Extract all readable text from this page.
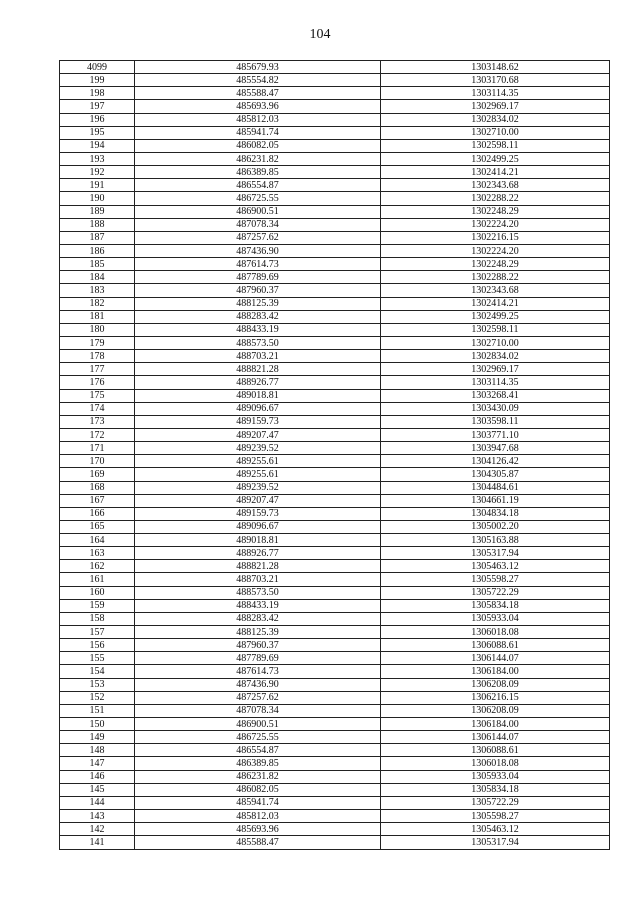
104
4099	485679.93	1303148.62
199	485554.82	1303170.68
198	485588.47	1303114.35
197	485693.96	1302969.17
196	485812.03	1302834.02
195	485941.74	1302710.00
194	486082.05	1302598.11
193	486231.82	1302499.25
192	486389.85	1302414.21
191	486554.87	1302343.68
190	486725.55	1302288.22
189	486900.51	1302248.29
188	487078.34	1302224.20
187	487257.62	1302216.15
186	487436.90	1302224.20
185	487614.73	1302248.29
184	487789.69	1302288.22
183	487960.37	1302343.68
182	488125.39	1302414.21
181	488283.42	1302499.25
180	488433.19	1302598.11
179	488573.50	1302710.00
178	488703.21	1302834.02
177	488821.28	1302969.17
176	488926.77	1303114.35
175	489018.81	1303268.41
174	489096.67	1303430.09
173	489159.73	1303598.11
172	489207.47	1303771.10
171	489239.52	1303947.68
170	489255.61	1304126.42
169	489255.61	1304305.87
168	489239.52	1304484.61
167	489207.47	1304661.19
166	489159.73	1304834.18
165	489096.67	1305002.20
164	489018.81	1305163.88
163	488926.77	1305317.94
162	488821.28	1305463.12
161	488703.21	1305598.27
160	488573.50	1305722.29
159	488433.19	1305834.18
158	488283.42	1305933.04
157	488125.39	1306018.08
156	487960.37	1306088.61
155	487789.69	1306144.07
154	487614.73	1306184.00
153	487436.90	1306208.09
152	487257.62	1306216.15
151	487078.34	1306208.09
150	486900.51	1306184.00
149	486725.55	1306144.07
148	486554.87	1306088.61
147	486389.85	1306018.08
146	486231.82	1305933.04
145	486082.05	1305834.18
144	485941.74	1305722.29
143	485812.03	1305598.27
142	485693.96	1305463.12
141	485588.47	1305317.94
